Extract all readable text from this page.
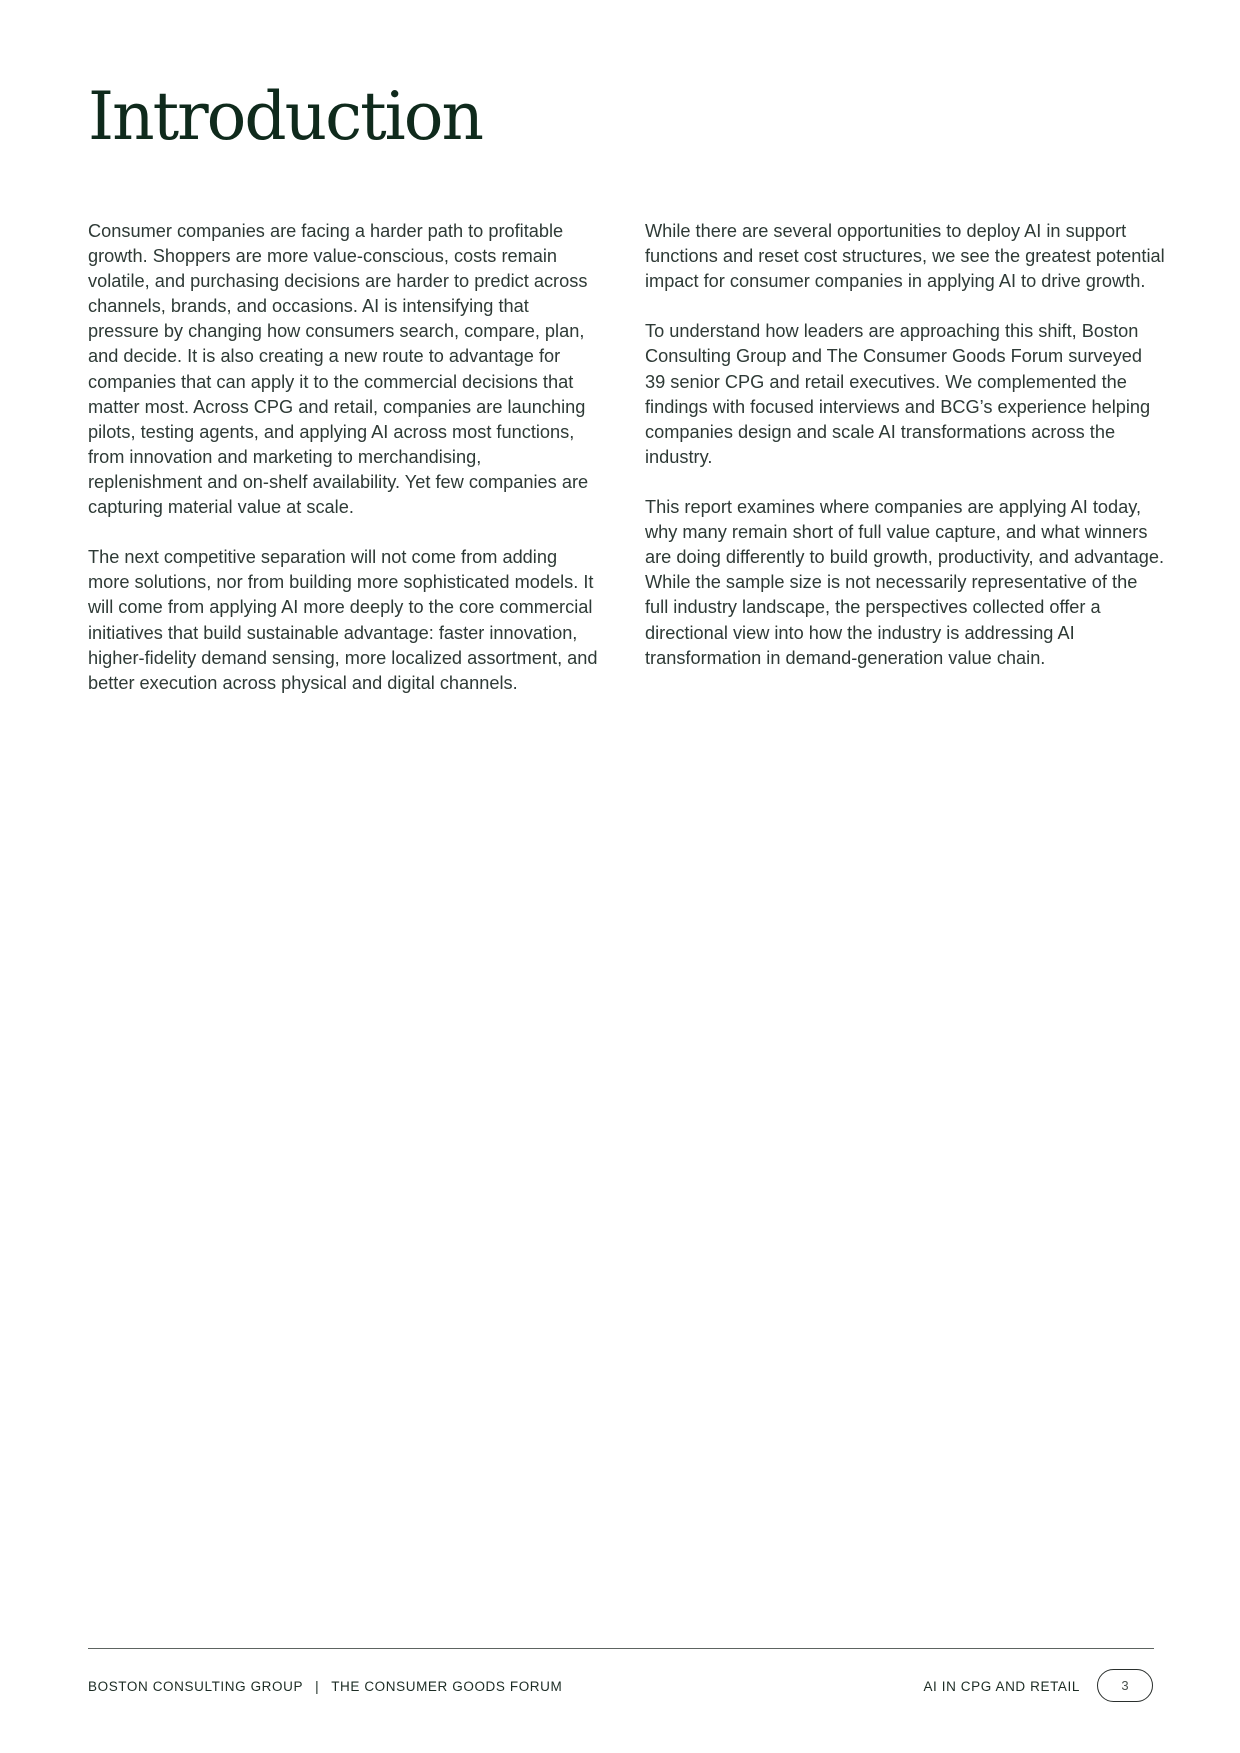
Introduction

Consumer companies are facing a harder path to profitable growth. Shoppers are more value-conscious, costs remain volatile, and purchasing decisions are harder to predict across channels, brands, and occasions. AI is intensifying that pressure by changing how consumers search, compare, plan, and decide. It is also creating a new route to advantage for companies that can apply it to the commercial decisions that matter most. Across CPG and retail, companies are launching pilots, testing agents, and applying AI across most functions, from innovation and marketing to merchandising, replenishment and on-shelf availability. Yet few companies are capturing material value at scale.

The next competitive separation will not come from adding more solutions, nor from building more sophisticated models. It will come from applying AI more deeply to the core commercial initiatives that build sustainable advantage: faster innovation, higher-fidelity demand sensing, more localized assortment, and better execution across physical and digital channels.

While there are several opportunities to deploy AI in support functions and reset cost structures, we see the greatest potential impact for consumer companies in applying AI to drive growth.

To understand how leaders are approaching this shift, Boston Consulting Group and The Consumer Goods Forum surveyed 39 senior CPG and retail executives. We complemented the findings with focused interviews and BCG’s experience helping companies design and scale AI transformations across the industry.

This report examines where companies are applying AI today, why many remain short of full value capture, and what winners are doing differently to build growth, productivity, and advantage. While the sample size is not necessarily representative of the full industry landscape, the perspectives collected offer a directional view into how the industry is addressing AI transformation in demand-generation value chain.

BOSTON CONSULTING GROUP | THE CONSUMER GOODS FORUM	AI IN CPG AND RETAIL	3
